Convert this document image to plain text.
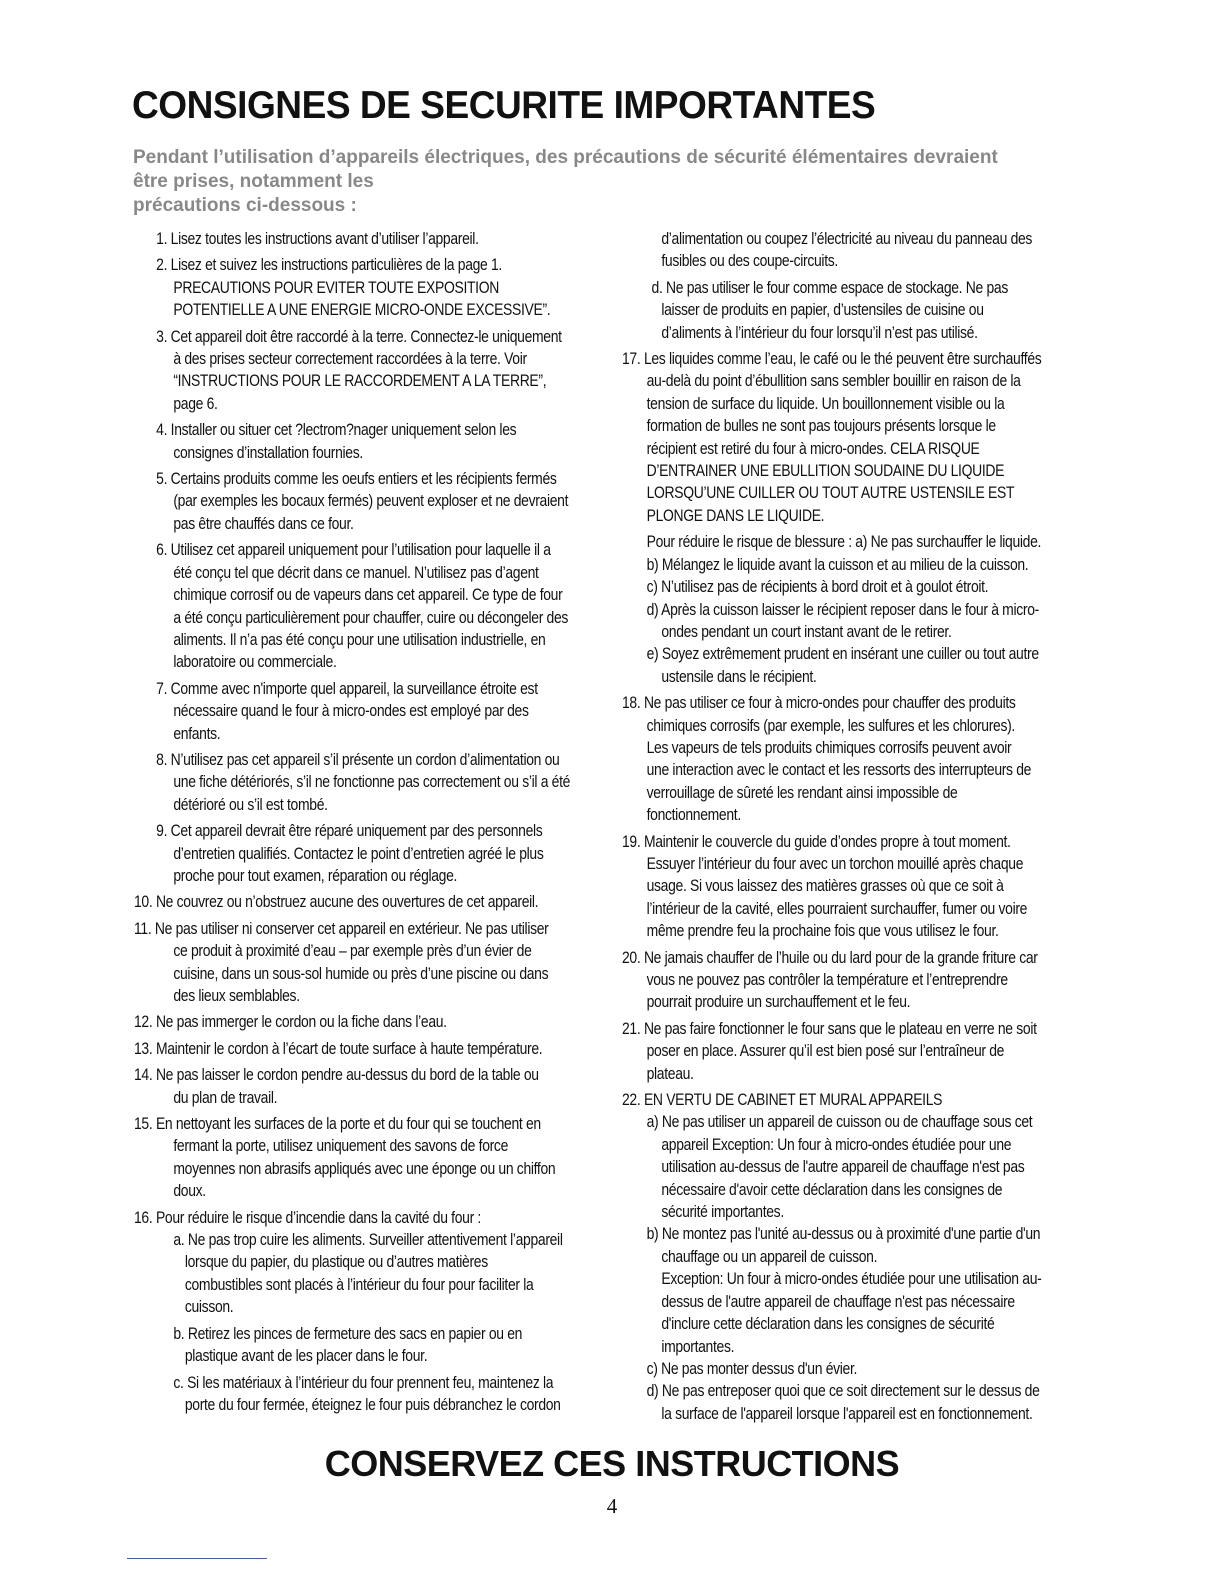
CONSIGNES DE SECURITE IMPORTANTES
Pendant l’utilisation d’appareils électriques, des précautions de sécurité élémentaires devraient
être prises, notamment les
précautions ci-dessous :
1. Lisez toutes les instructions avant d’utiliser l’appareil.
2. Lisez et suivez les instructions particulières de la page 1.
PRECAUTIONS POUR EVITER TOUTE EXPOSITION
POTENTIELLE A UNE ENERGIE MICRO-ONDE EXCESSIVE”.
3. Cet appareil doit être raccordé à la terre. Connectez-le uniquement
à des prises secteur correctement raccordées à la terre. Voir
“INSTRUCTIONS POUR LE RACCORDEMENT A LA TERRE”,
page 6.
4. Installer ou situer cet ?lectrom?nager uniquement selon les
consignes d’installation fournies.
5. Certains produits comme les oeufs entiers et les récipients fermés
(par exemples les bocaux fermés) peuvent exploser et ne devraient
pas être chauffés dans ce four.
6. Utilisez cet appareil uniquement pour l’utilisation pour laquelle il a
été conçu tel que décrit dans ce manuel. N’utilisez pas d’agent
chimique corrosif ou de vapeurs dans cet appareil. Ce type de four
a été conçu particulièrement pour chauffer, cuire ou décongeler des
aliments. Il n’a pas été conçu pour une utilisation industrielle, en
laboratoire ou commerciale.
7. Comme avec n'importe quel appareil, la surveillance étroite est
nécessaire quand le four à micro-ondes est employé par des
enfants.
8. N’utilisez pas cet appareil s’il présente un cordon d’alimentation ou
une fiche détériorés, s’il ne fonctionne pas correctement ou s’il a été
détérioré ou s’il est tombé.
9. Cet appareil devrait être réparé uniquement par des personnels
d’entretien qualifiés. Contactez le point d’entretien agréé le plus
proche pour tout examen, réparation ou réglage.
10. Ne couvrez ou n’obstruez aucune des ouvertures de cet appareil.
11. Ne pas utiliser ni conserver cet appareil en extérieur. Ne pas utiliser
ce produit à proximité d’eau – par exemple près d’un évier de
cuisine, dans un sous-sol humide ou près d’une piscine ou dans
des lieux semblables.
12. Ne pas immerger le cordon ou la fiche dans l’eau.
13. Maintenir le cordon à l’écart de toute surface à haute température.
14. Ne pas laisser le cordon pendre au-dessus du bord de la table ou
du plan de travail.
15. En nettoyant les surfaces de la porte et du four qui se touchent en
fermant la porte, utilisez uniquement des savons de force
moyennes non abrasifs appliqués avec une éponge ou un chiffon
doux.
16. Pour réduire le risque d’incendie dans la cavité du four :
a. Ne pas trop cuire les aliments. Surveiller attentivement l’appareil
lorsque du papier, du plastique ou d’autres matières
combustibles sont placés à l’intérieur du four pour faciliter la
cuisson.
b. Retirez les pinces de fermeture des sacs en papier ou en
plastique avant de les placer dans le four.
c. Si les matériaux à l’intérieur du four prennent feu, maintenez la
porte du four fermée, éteignez le four puis débranchez le cordon
d’alimentation ou coupez l’électricité au niveau du panneau des
fusibles ou des coupe-circuits.
d. Ne pas utiliser le four comme espace de stockage. Ne pas
laisser de produits en papier, d’ustensiles de cuisine ou
d’aliments à l’intérieur du four lorsqu’il n’est pas utilisé.
17. Les liquides comme l’eau, le café ou le thé peuvent être surchauffés
au-delà du point d’ébullition sans sembler bouillir en raison de la
tension de surface du liquide. Un bouillonnement visible ou la
formation de bulles ne sont pas toujours présents lorsque le
récipient est retiré du four à micro-ondes. CELA RISQUE
D’ENTRAINER UNE EBULLITION SOUDAINE DU LIQUIDE
LORSQU’UNE CUILLER OU TOUT AUTRE USTENSILE EST
PLONGE DANS LE LIQUIDE.
Pour réduire le risque de blessure : a) Ne pas surchauffer le liquide.
b) Mélangez le liquide avant la cuisson et au milieu de la cuisson.
c) N’utilisez pas de récipients à bord droit et à goulot étroit.
d) Après la cuisson laisser le récipient reposer dans le four à micro-
ondes pendant un court instant avant de le retirer.
e) Soyez extrêmement prudent en insérant une cuiller ou tout autre
ustensile dans le récipient.
18. Ne pas utiliser ce four à micro-ondes pour chauffer des produits
chimiques corrosifs (par exemple, les sulfures et les chlorures).
Les vapeurs de tels produits chimiques corrosifs peuvent avoir
une interaction avec le contact et les ressorts des interrupteurs de
verrouillage de sûreté les rendant ainsi impossible de
fonctionnement.
19. Maintenir le couvercle du guide d’ondes propre à tout moment.
Essuyer l’intérieur du four avec un torchon mouillé après chaque
usage. Si vous laissez des matières grasses où que ce soit à
l’intérieur de la cavité, elles pourraient surchauffer, fumer ou voire
même prendre feu la prochaine fois que vous utilisez le four.
20. Ne jamais chauffer de l’huile ou du lard pour de la grande friture car
vous ne pouvez pas contrôler la température et l’entreprendre
pourrait produire un surchauffement et le feu.
21. Ne pas faire fonctionner le four sans que le plateau en verre ne soit
poser en place. Assurer qu’il est bien posé sur l’entraîneur de
plateau.
22. EN VERTU DE CABINET ET MURAL APPAREILS
a) Ne pas utiliser un appareil de cuisson ou de chauffage sous cet
appareil Exception: Un four à micro-ondes étudiée pour une
utilisation au-dessus de l'autre appareil de chauffage n'est pas
nécessaire d'avoir cette déclaration dans les consignes de
sécurité importantes.
b) Ne montez pas l'unité au-dessus ou à proximité d'une partie d'un
chauffage ou un appareil de cuisson.
Exception: Un four à micro-ondes étudiée pour une utilisation au-
dessus de l'autre appareil de chauffage n'est pas nécessaire
d'inclure cette déclaration dans les consignes de sécurité
importantes.
c) Ne pas monter dessus d'un évier.
d) Ne pas entreposer quoi que ce soit directement sur le dessus de
la surface de l'appareil lorsque l'appareil est en fonctionnement.
CONSERVEZ CES INSTRUCTIONS
4
